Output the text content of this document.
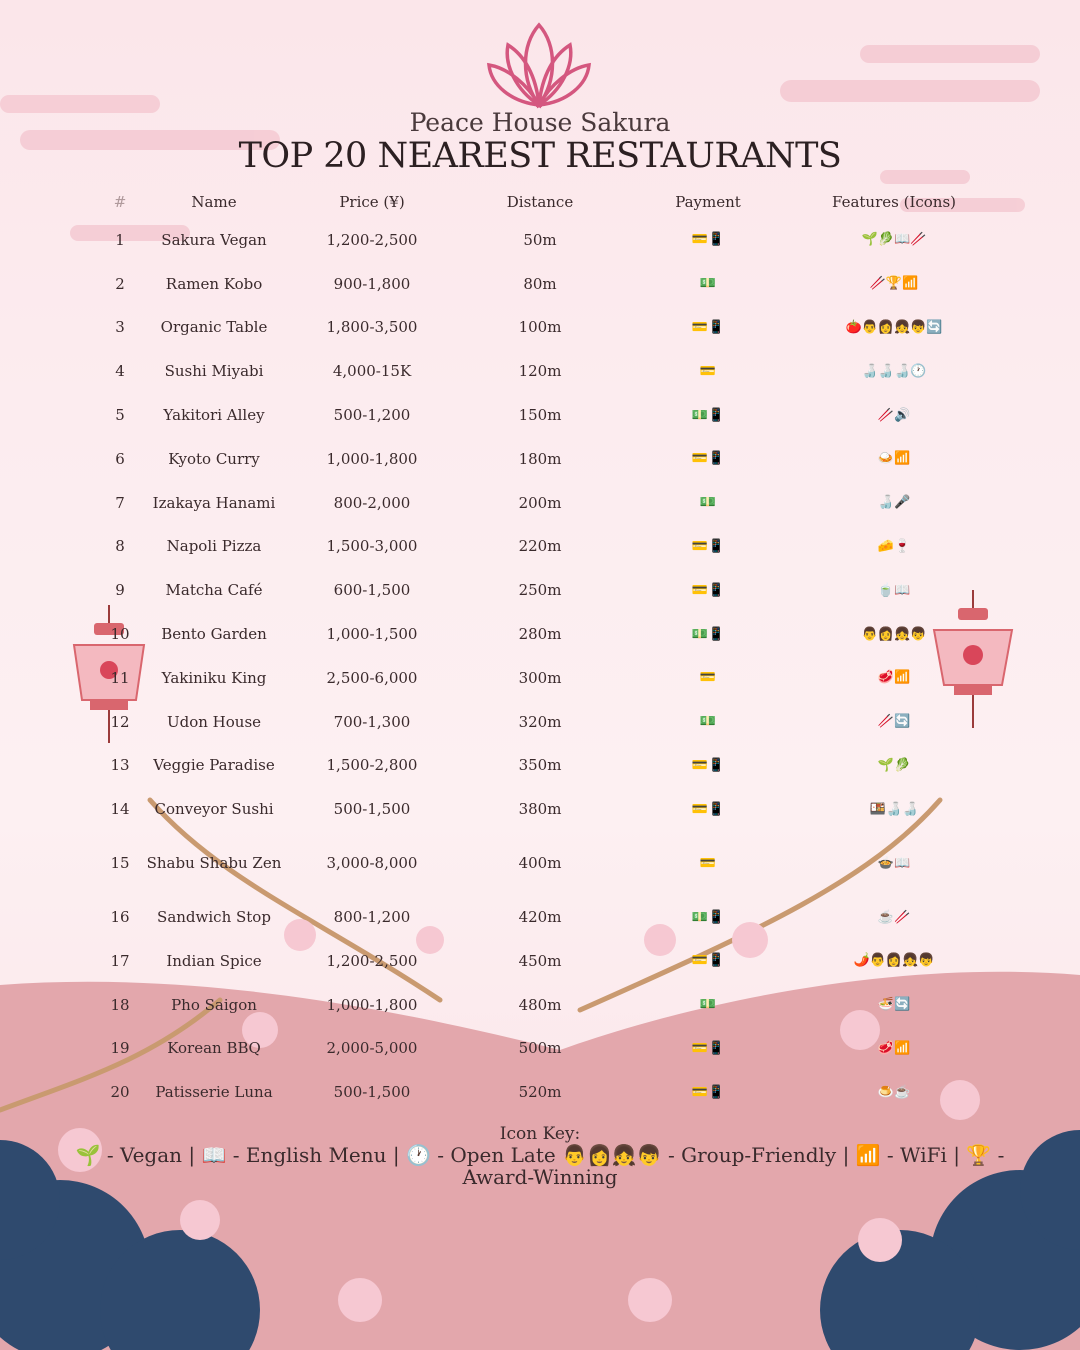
Peace House Sakura
TOP 20 NEAREST RESTAURANTS
#	Name	Price (¥)	Distance	Payment	Features (Icons)
1	Sakura Vegan	1,200-2,500	50m	💳📱	🌱🥬📖🥢
2	Ramen Kobo	900-1,800	80m	💵	🥢🏆📶
3	Organic Table	1,800-3,500	100m	💳📱	🍅👨👩👧👦🔄
4	Sushi Miyabi	4,000-15K	120m	💳	🍶🍶🍶🕐
5	Yakitori Alley	500-1,200	150m	💵📱	🥢🔊
6	Kyoto Curry	1,000-1,800	180m	💳📱	🍛📶
7	Izakaya Hanami	800-2,000	200m	💵	🍶🎤
8	Napoli Pizza	1,500-3,000	220m	💳📱	🧀🍷
9	Matcha Café	600-1,500	250m	💳📱	🍵📖
10	Bento Garden	1,000-1,500	280m	💵📱	👨👩👧👦
11	Yakiniku King	2,500-6,000	300m	💳	🥩📶
12	Udon House	700-1,300	320m	💵	🥢🔄
13	Veggie Paradise	1,500-2,800	350m	💳📱	🌱🥬
14	Conveyor Sushi	500-1,500	380m	💳📱	🍱🍶🍶
15	Shabu Shabu Zen	3,000-8,000	400m	💳	🍲📖
16	Sandwich Stop	800-1,200	420m	💵📱	☕🥢
17	Indian Spice	1,200-2,500	450m	💳📱	🌶️👨👩👧👦
18	Pho Saigon	1,000-1,800	480m	💵	🍜🔄
19	Korean BBQ	2,000-5,000	500m	💳📱	🥩📶
20	Patisserie Luna	500-1,500	520m	💳📱	🍮☕
Icon Key:
🌱 - Vegan | 📖 - English Menu | 🕐 - Open Late 👨👩👧👦 - Group-Friendly | 📶 - WiFi | 🏆 -
Award-Winning
